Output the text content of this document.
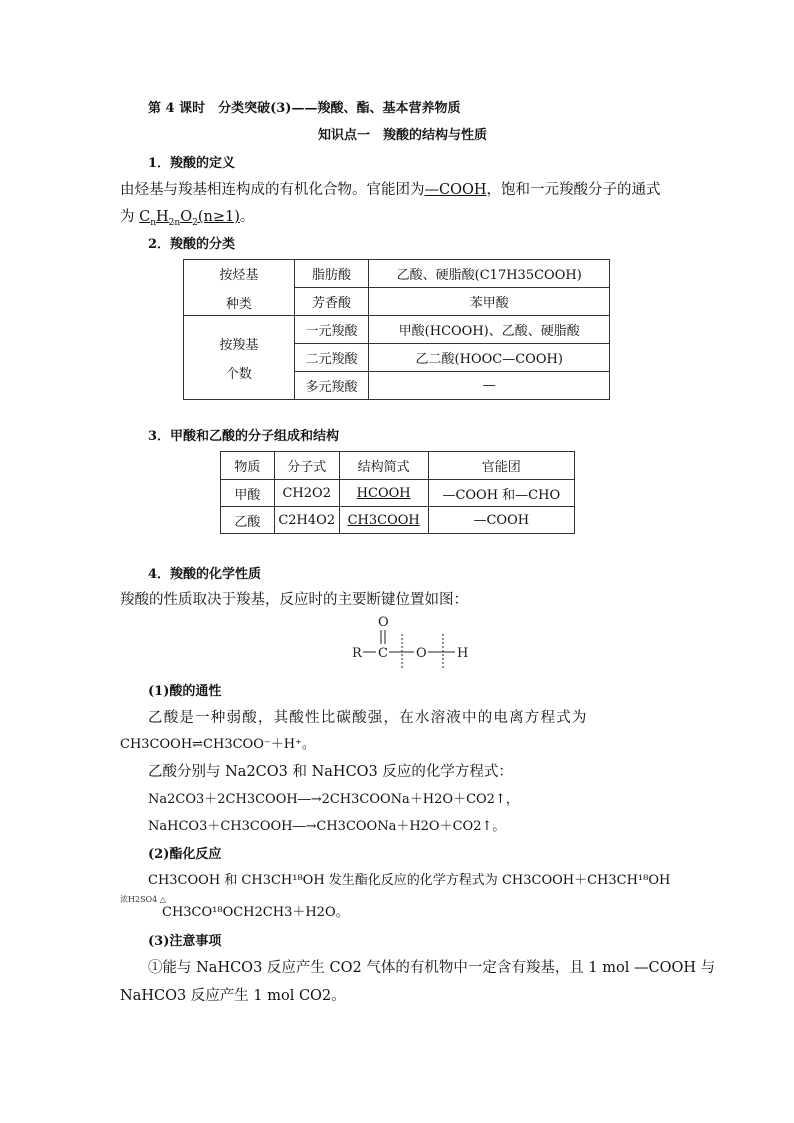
第 4 课时　分类突破(3)——羧酸、酯、基本营养物质
知识点一　羧酸的结构与性质
1．羧酸的定义
由烃基与羧基相连构成的有机化合物。官能团为—COOH，饱和一元羧酸分子的通式
为 $C_nH_{2n}O_2(n\ge 1)$。
2．羧酸的分类
按烃基
种类	脂肪酸	乙酸、硬脂酸(C17H35COOH)
	芳香酸	苯甲酸

按羧基
个数	一元羧酸	甲酸(HCOOH)、乙酸、硬脂酸
	二元羧酸	乙二酸(HOOC—COOH)
	多元羧酸	—
3．甲酸和乙酸的分子组成和结构
物质	分子式	结构简式	官能团
甲酸	CH2O2	HCOOH	—COOH 和—CHO
乙酸	C2H4O2	CH3COOH	—COOH
4．羧酸的化学性质
羧酸的性质取决于羧基，反应时的主要断键位置如图：
O
R C O H
(1)酸的通性
乙酸是一种弱酸，其酸性比碳酸强，在水溶液中的电离方程式为
CH3COOH⇌CH3COO⁻＋H⁺。
乙酸分别与 Na2CO3 和 NaHCO3 反应的化学方程式：
Na2CO3＋2CH3COOH―→2CH3COONa＋H2O＋CO2↑，
NaHCO3＋CH3COOH―→CH3COONa＋H2O＋CO2↑。
(2)酯化反应
CH3COOH 和 CH3CH¹⁸OH 发生酯化反应的化学方程式为 CH3COOH＋CH3CH¹⁸OH
浓H2SO4 △
CH3CO¹⁸OCH2CH3＋H2O。
(3)注意事项
①能与 NaHCO3 反应产生 CO2 气体的有机物中一定含有羧基，且 1 mol —COOH 与
NaHCO3 反应产生 1 mol CO2。
